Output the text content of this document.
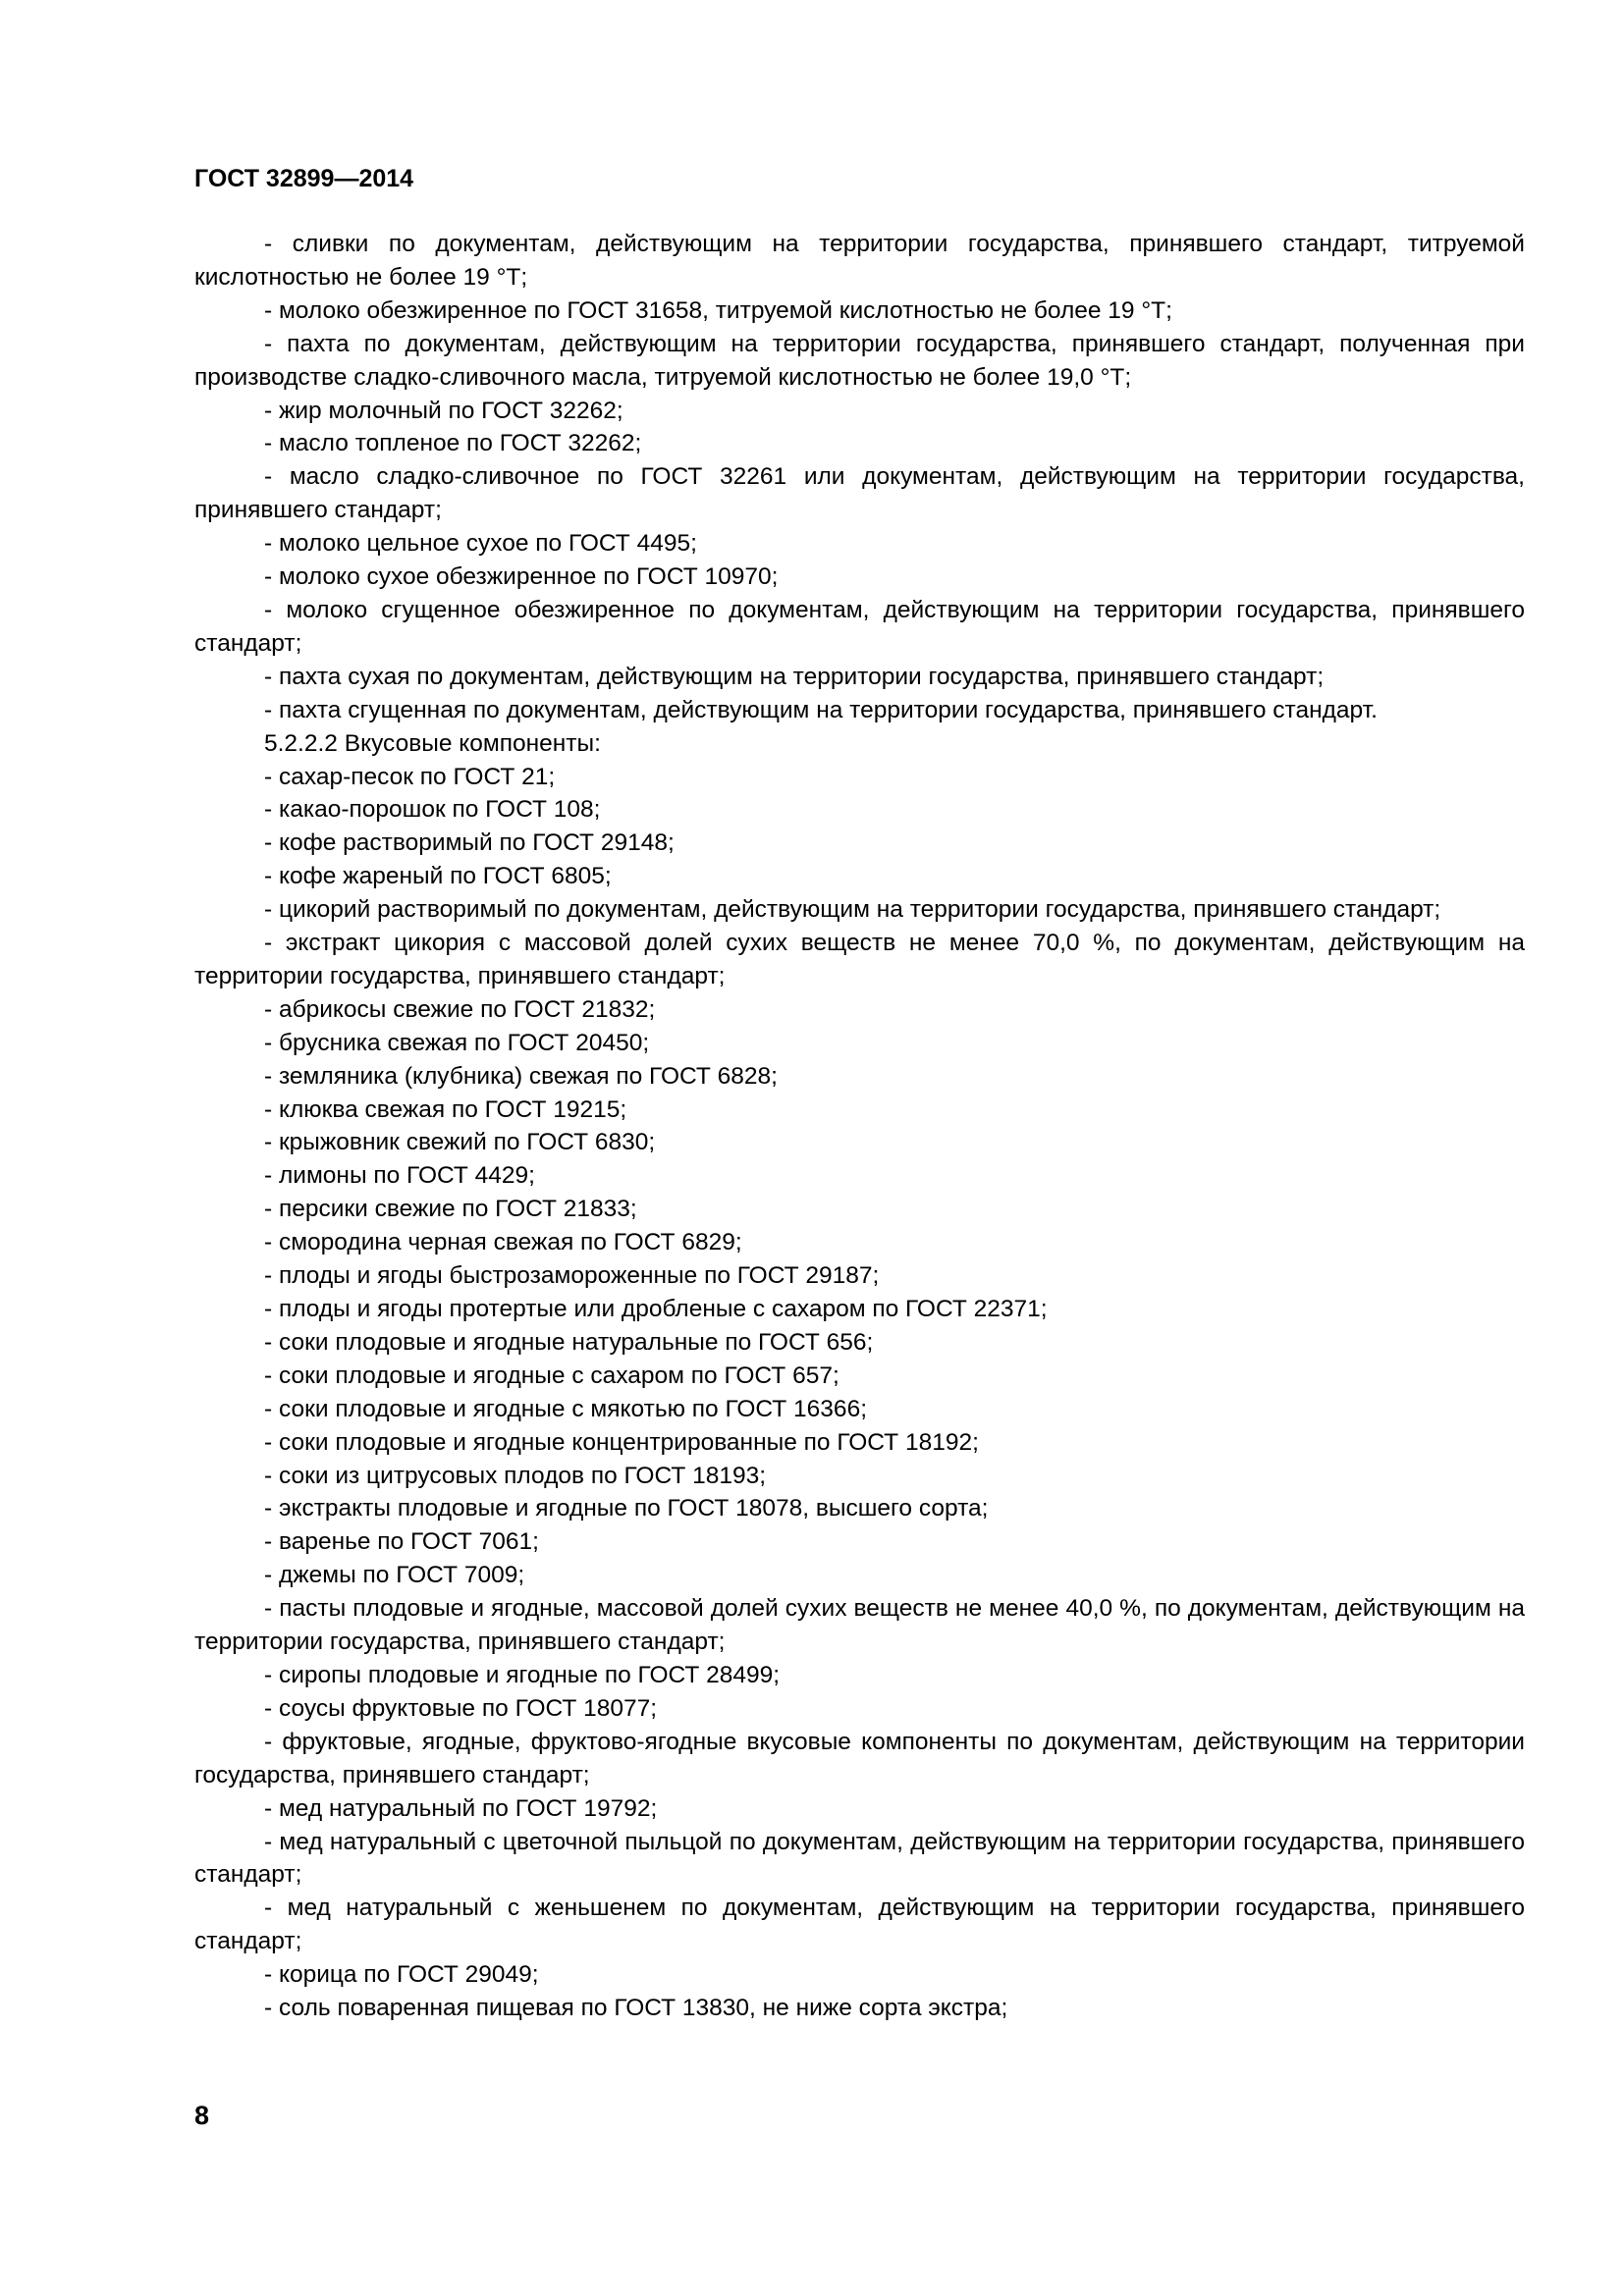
ГОСТ 32899—2014

- сливки по документам, действующим на территории государства, принявшего стандарт, титруемой кислотностью не более 19 °Т;

- молоко обезжиренное по ГОСТ 31658, титруемой кислотностью не более 19 °Т;

- пахта по документам, действующим на территории государства, принявшего стандарт, полученная при производстве сладко-сливочного масла, титруемой кислотностью не более 19,0 °Т;

- жир молочный по ГОСТ 32262;

- масло топленое по ГОСТ 32262;

- масло сладко-сливочное по ГОСТ 32261 или документам, действующим на территории государства, принявшего стандарт;

- молоко цельное сухое по ГОСТ 4495;

- молоко сухое обезжиренное по ГОСТ 10970;

- молоко сгущенное обезжиренное по документам, действующим на территории государства, принявшего стандарт;

- пахта сухая по документам, действующим на территории государства, принявшего стандарт;

- пахта сгущенная по документам, действующим на территории государства, принявшего стандарт.

5.2.2.2 Вкусовые компоненты:

- сахар-песок по ГОСТ 21;

- какао-порошок по ГОСТ 108;

- кофе растворимый по ГОСТ 29148;

- кофе жареный по ГОСТ 6805;

- цикорий растворимый по документам, действующим на территории государства, принявшего стандарт;

- экстракт цикория с массовой долей сухих веществ не менее 70,0 %, по документам, действующим на территории государства, принявшего стандарт;

- абрикосы свежие по ГОСТ 21832;

- брусника свежая по ГОСТ 20450;

- земляника (клубника) свежая по ГОСТ 6828;

- клюква свежая по ГОСТ 19215;

- крыжовник свежий по ГОСТ 6830;

- лимоны по ГОСТ 4429;

- персики свежие по ГОСТ 21833;

- смородина черная свежая по ГОСТ 6829;

- плоды и ягоды быстрозамороженные по ГОСТ 29187;

- плоды и ягоды протертые или дробленые с сахаром по ГОСТ 22371;

- соки плодовые и ягодные натуральные по ГОСТ 656;

- соки плодовые и ягодные с сахаром по ГОСТ 657;

- соки плодовые и ягодные с мякотью по ГОСТ 16366;

- соки плодовые и ягодные концентрированные по ГОСТ 18192;

- соки из цитрусовых плодов по ГОСТ 18193;

- экстракты плодовые и ягодные по ГОСТ 18078, высшего сорта;

- варенье по ГОСТ 7061;

- джемы по ГОСТ 7009;

- пасты плодовые и ягодные, массовой долей сухих веществ не менее 40,0 %, по документам, действующим на территории государства, принявшего стандарт;

- сиропы плодовые и ягодные по ГОСТ 28499;

- соусы фруктовые по ГОСТ 18077;

- фруктовые, ягодные, фруктово-ягодные вкусовые компоненты по документам, действующим на территории государства, принявшего стандарт;

- мед натуральный по ГОСТ 19792;

- мед натуральный с цветочной пыльцой по документам, действующим на территории государства, принявшего стандарт;

- мед натуральный с женьшенем по документам, действующим на территории государства, принявшего стандарт;

- корица по ГОСТ 29049;

- соль поваренная пищевая по ГОСТ 13830, не ниже сорта экстра;

8
